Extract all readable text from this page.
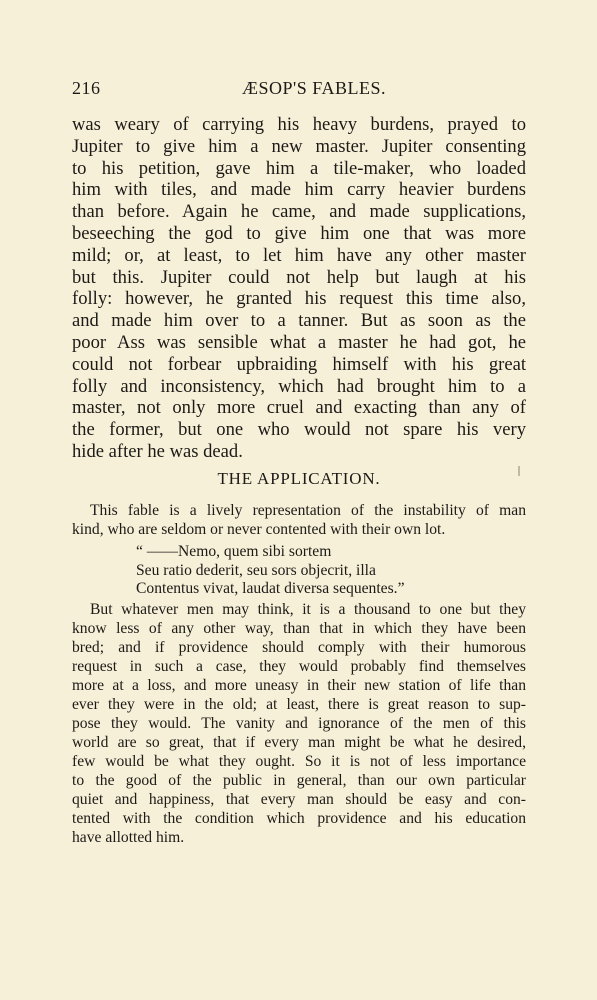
216	ÆSOP'S FABLES.
was weary of carrying his heavy burdens, prayed to
Jupiter to give him a new master. Jupiter consenting
to his petition, gave him a tile-maker, who loaded
him with tiles, and made him carry heavier burdens
than before. Again he came, and made supplications,
beseeching the god to give him one that was more
mild; or, at least, to let him have any other master
but this. Jupiter could not help but laugh at his
folly: however, he granted his request this time also,
and made him over to a tanner. But as soon as the
poor Ass was sensible what a master he had got, he
could not forbear upbraiding himself with his great
folly and inconsistency, which had brought him to a
master, not only more cruel and exacting than any of
the former, but one who would not spare his very
hide after he was dead.
THE APPLICATION.
This fable is a lively representation of the instability of man
kind, who are seldom or never contented with their own lot.
“ ——Nemo, quem sibi sortem
Seu ratio dederit, seu sors objecrit, illa
Contentus vivat, laudat diversa sequentes.”
But whatever men may think, it is a thousand to one but they
know less of any other way, than that in which they have been
bred; and if providence should comply with their humorous
request in such a case, they would probably find themselves
more at a loss, and more uneasy in their new station of life than
ever they were in the old; at least, there is great reason to sup-
pose they would. The vanity and ignorance of the men of this
world are so great, that if every man might be what he desired,
few would be what they ought. So it is not of less importance
to the good of the public in general, than our own particular
quiet and happiness, that every man should be easy and con-
tented with the condition which providence and his education
have allotted him.
